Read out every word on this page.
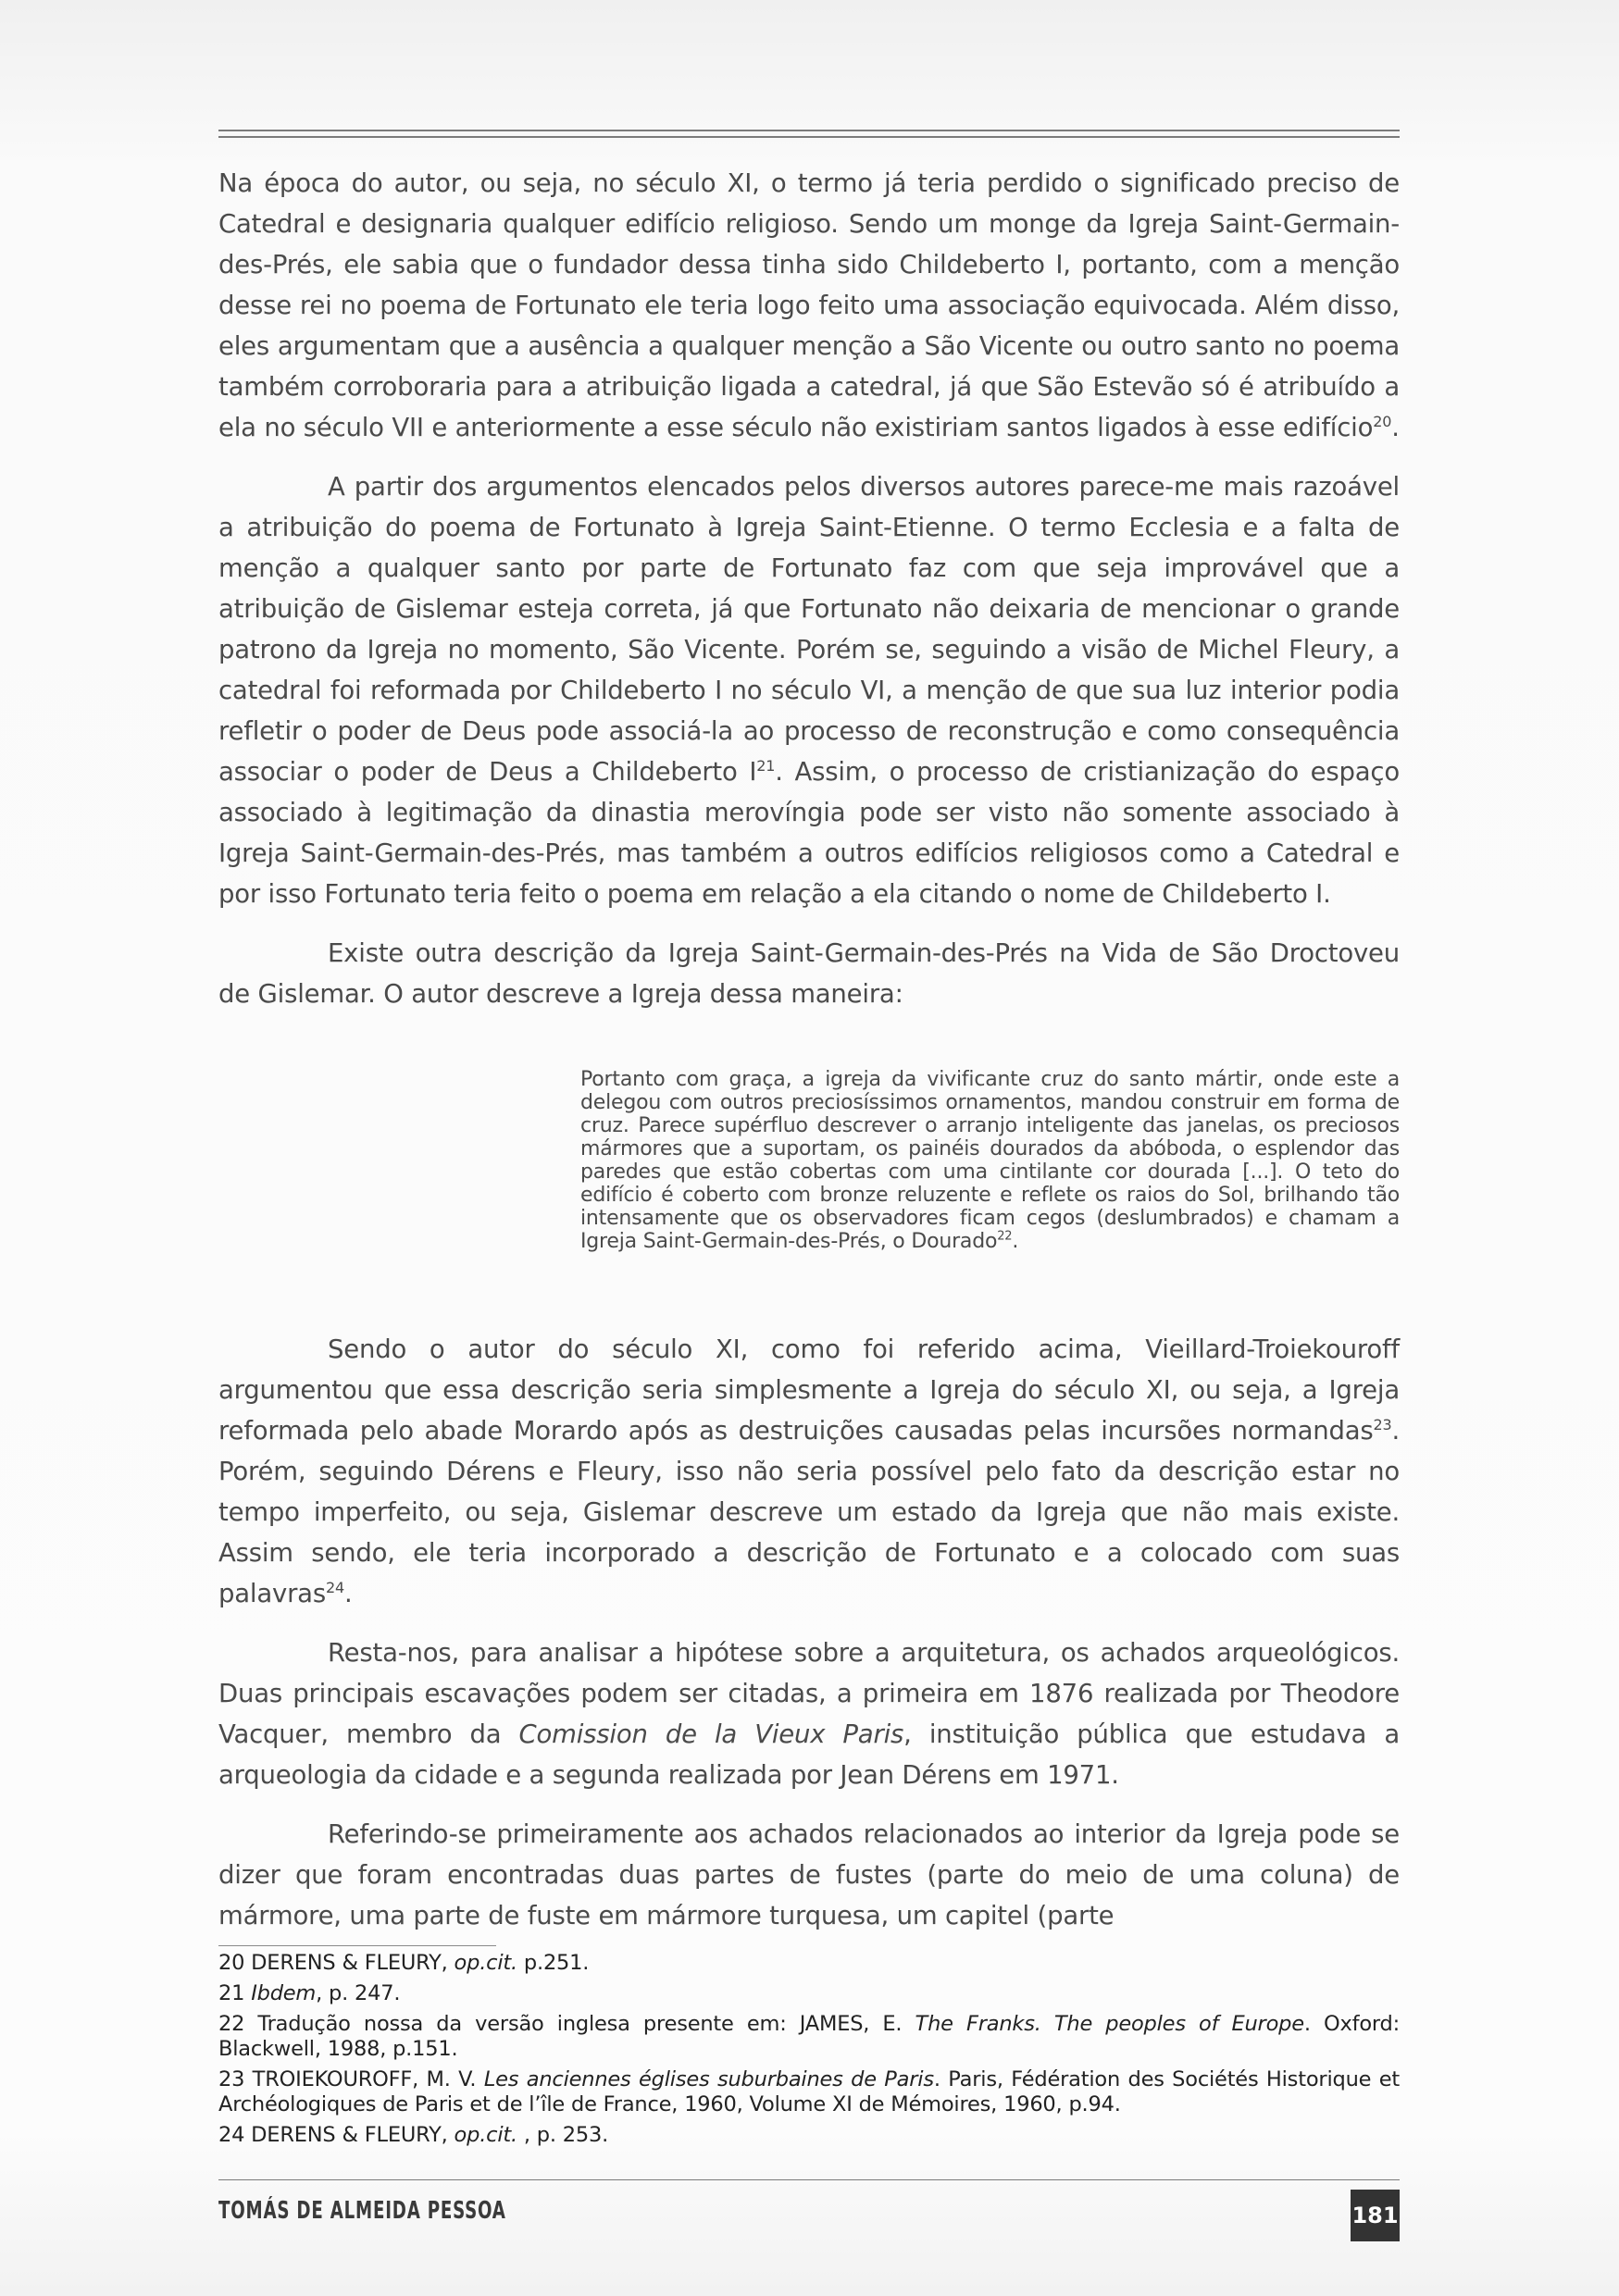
Na época do autor, ou seja, no século XI, o termo já teria perdido o significado preciso de Catedral e designaria qualquer edifício religioso. Sendo um monge da Igreja Saint-Germain-des-Prés, ele sabia que o fundador dessa tinha sido Childeberto I, portanto, com a menção desse rei no poema de Fortunato ele teria logo feito uma associação equivocada. Além disso, eles argumentam que a ausência a qualquer menção a São Vicente ou outro santo no poema também corroboraria para a atribuição ligada a catedral, já que São Estevão só é atribuído a ela no século VII e anteriormente a esse século não existiriam santos ligados à esse edifício$^{20}$.

A partir dos argumentos elencados pelos diversos autores parece-me mais razoável a atribuição do poema de Fortunato à Igreja Saint-Etienne. O termo Ecclesia e a falta de menção a qualquer santo por parte de Fortunato faz com que seja improvável que a atribuição de Gislemar esteja correta, já que Fortunato não deixaria de mencionar o grande patrono da Igreja no momento, São Vicente. Porém se, seguindo a visão de Michel Fleury, a catedral foi reformada por Childeberto I no século VI, a menção de que sua luz interior podia refletir o poder de Deus pode associá-la ao processo de reconstrução e como consequência associar o poder de Deus a Childeberto $I^{21}$. Assim, o processo de cristianização do espaço associado à legitimação da dinastia merovíngia pode ser visto não somente associado à Igreja Saint-Germain-des-Prés, mas também a outros edifícios religiosos como a Catedral e por isso Fortunato teria feito o poema em relação a ela citando o nome de Childeberto I.

Existe outra descrição da Igreja Saint-Germain-des-Prés na Vida de São Droctoveu de Gislemar. O autor descreve a Igreja dessa maneira:

Portanto com graça, a igreja da vivificante cruz do santo mártir, onde este a delegou com outros preciosíssimos ornamentos, mandou construir em forma de cruz. Parece supérfluo descrever o arranjo inteligente das janelas, os preciosos mármores que a suportam, os painéis dourados da abóboda, o esplendor das paredes que estão cobertas com uma cintilante cor dourada [...]. O teto do edifício é coberto com bronze reluzente e reflete os raios do Sol, brilhando tão intensamente que os observadores ficam cegos (deslumbrados) e chamam a Igreja Saint-Germain-des-Prés, o Dourado$^{22}$.

Sendo o autor do século XI, como foi referido acima, Vieillard-Troiekouroff argumentou que essa descrição seria simplesmente a Igreja do século XI, ou seja, a Igreja reformada pelo abade Morardo após as destruições causadas pelas incursões normandas$^{23}$. Porém, seguindo Dérens e Fleury, isso não seria possível pelo fato da descrição estar no tempo imperfeito, ou seja, Gislemar descreve um estado da Igreja que não mais existe. Assim sendo, ele teria incorporado a descrição de Fortunato e a colocado com suas palavras$^{24}$.

Resta-nos, para analisar a hipótese sobre a arquitetura, os achados arqueológicos. Duas principais escavações podem ser citadas, a primeira em 1876 realizada por Theodore Vacquer, membro da Comission de la Vieux Paris, instituição pública que estudava a arqueologia da cidade e a segunda realizada por Jean Dérens em 1971.

Referindo-se primeiramente aos achados relacionados ao interior da Igreja pode se dizer que foram encontradas duas partes de fustes (parte do meio de uma coluna) de mármore, uma parte de fuste em mármore turquesa, um capitel (parte

20 DERENS & FLEURY, op.cit. p.251.

21 Ibdem, p. 247.

22 Tradução nossa da versão inglesa presente em: JAMES, E. The Franks. The peoples of Europe. Oxford: Blackwell, 1988, p.151.

23 TROIEKOUROFF, M. V. Les anciennes églises suburbaines de Paris. Paris, Fédération des Sociétés Historique et Archéologiques de Paris et de l’île de France, 1960, Volume XI de Mémoires, 1960, p.94.

24 DERENS & FLEURY, op.cit. , p. 253.

TOMÁS DE ALMEIDA PESSOA	181
